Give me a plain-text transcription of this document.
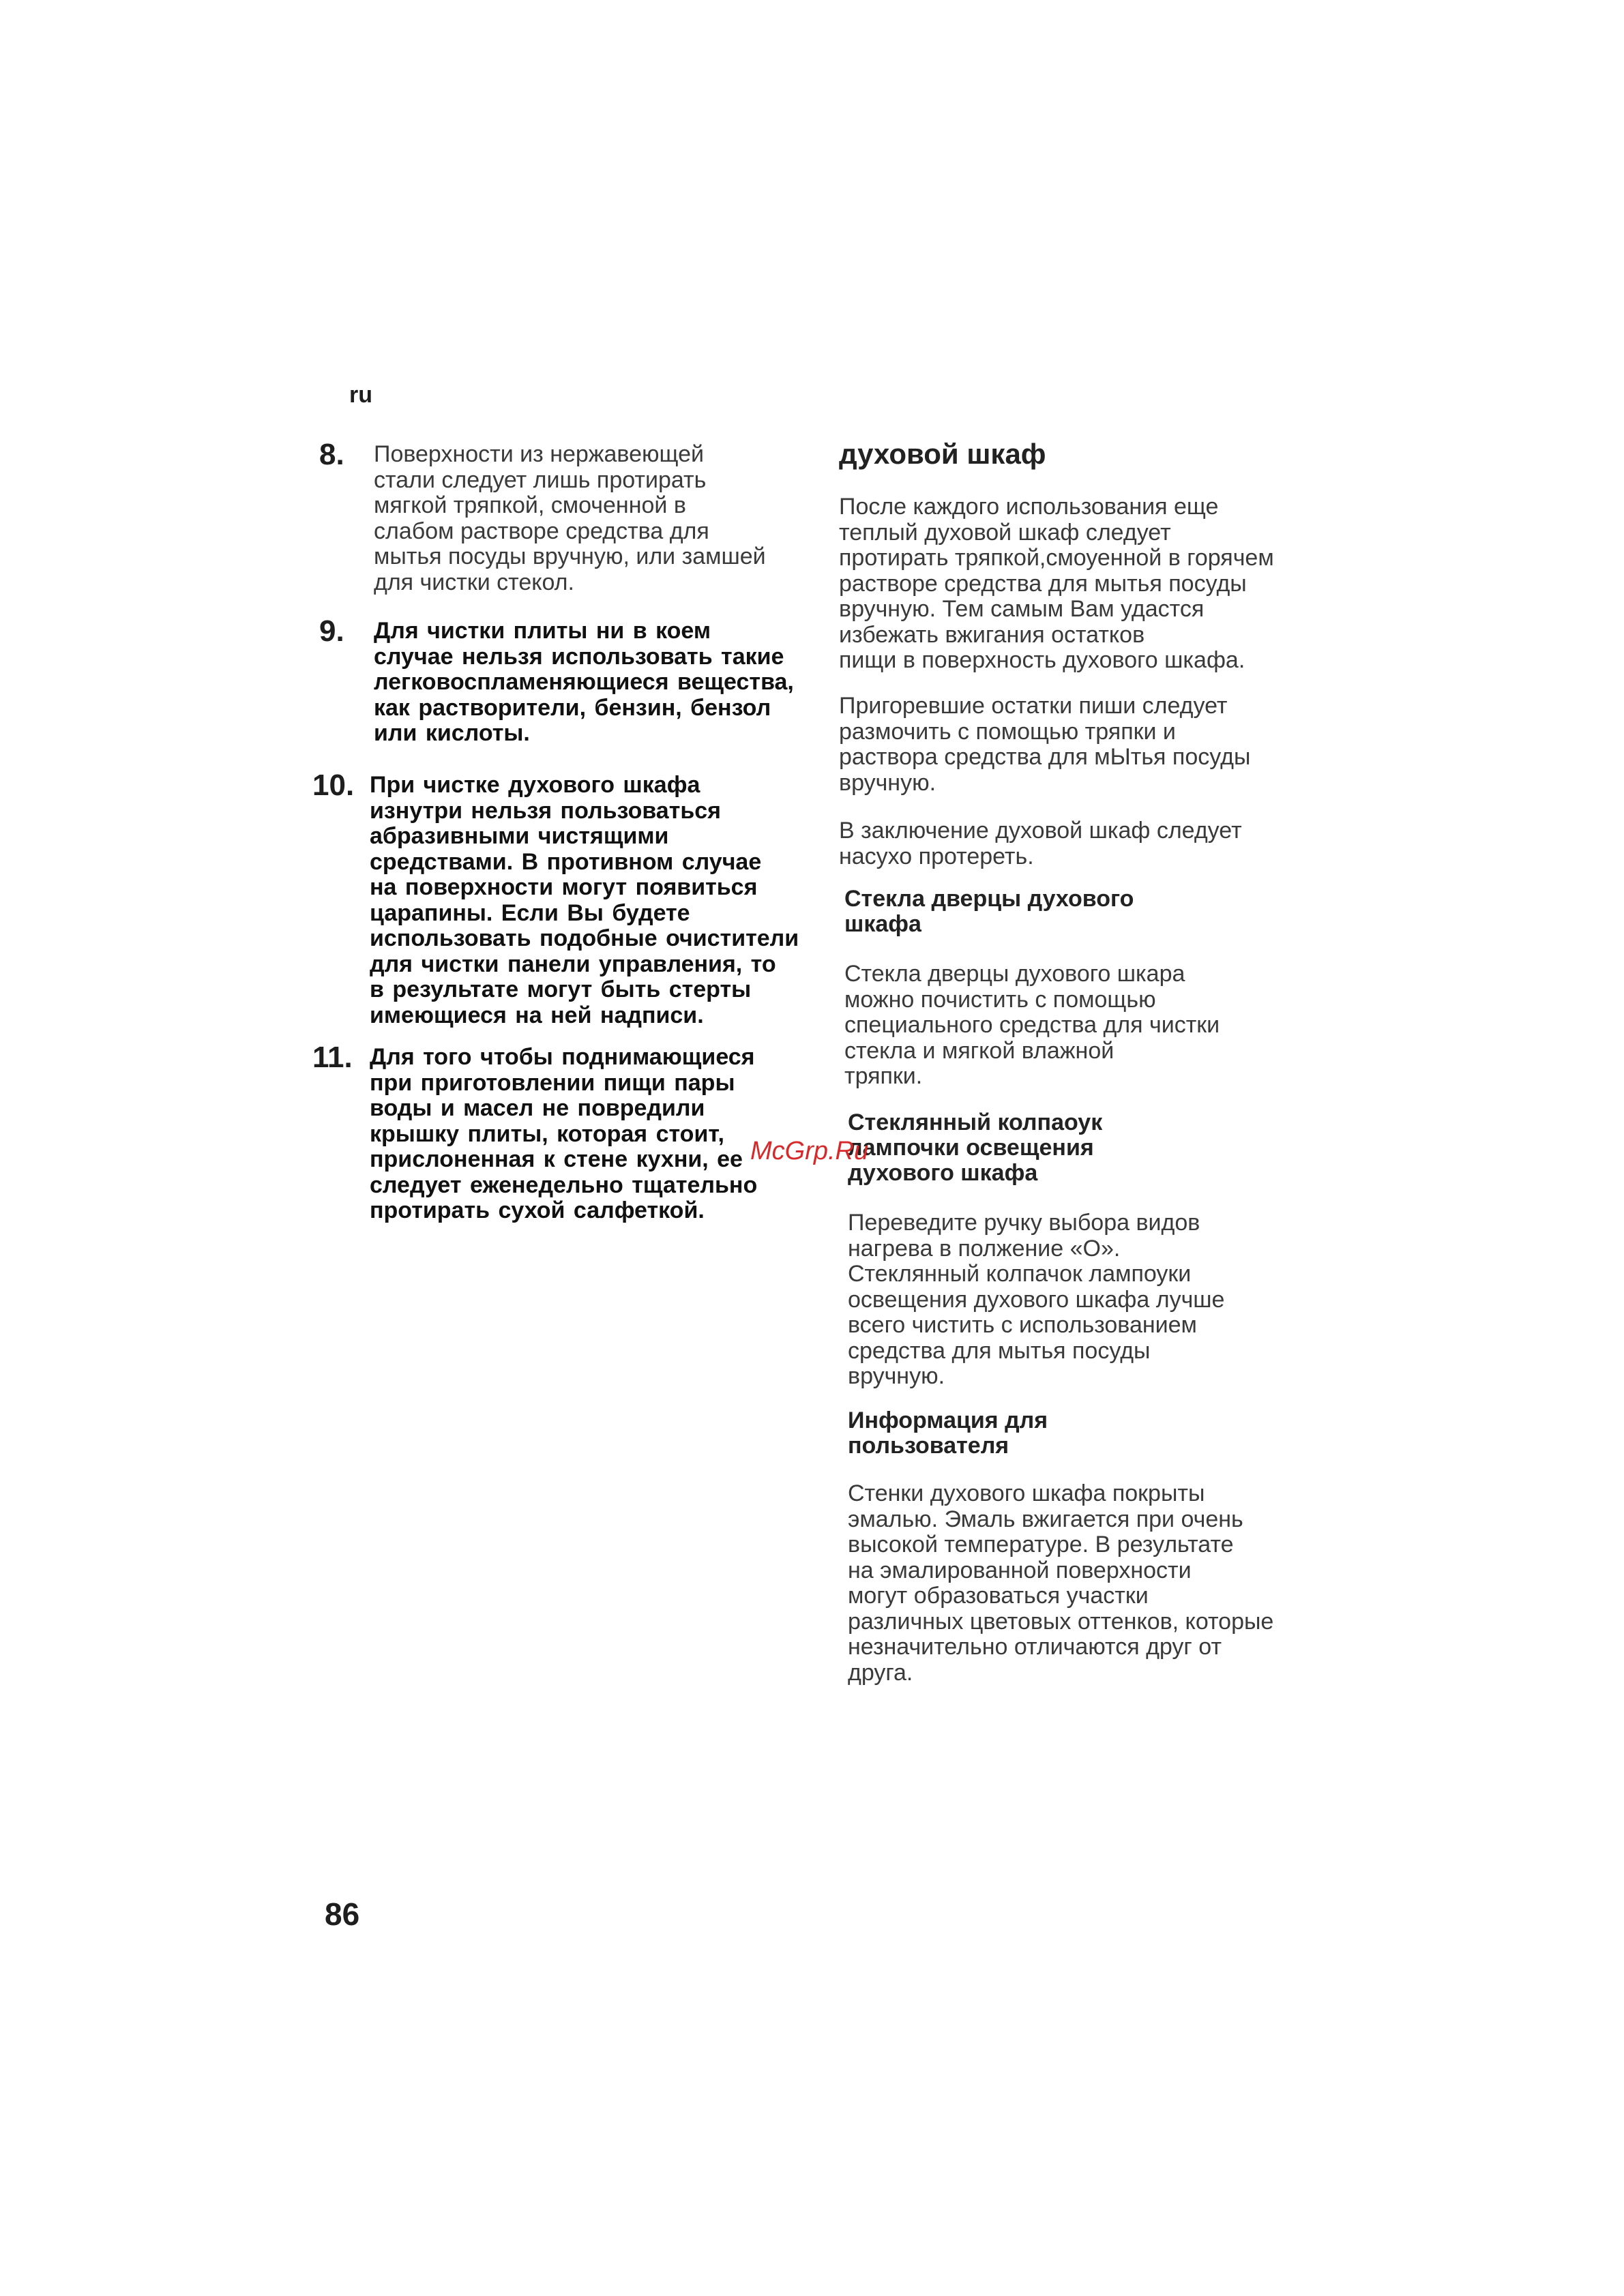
ru
8. Поверхности из нержавеющей
стали следует лишь протирать
мягкой тряпкой, смоченной в
слабом растворе средства для
мытья посуды вручную, или замшей
для чистки стекол.
9. Для чистки плиты ни в коем
случае нельзя использовать такие
легковоспламеняющиеся вещества,
как растворители, бензин, бензол
или кислоты.
10. При чистке духового шкафа
изнутри нельзя пользоваться
абразивными чистящими
средствами. В противном случае
на поверхности могут появиться
царапины. Если Вы будете
использовать подобные очистители
для чистки панели управления, то
в результате могут быть стерты
имеющиеся на ней надписи.
11. Для того чтобы поднимающиеся
при приготовлении пищи пары
воды и масел не повредили
крышку плиты, которая стоит,
прислоненная к стене кухни, ее
следует еженедельно тщательно
протирать сухой салфеткой.
духовой шкаф
После каждого использования еще
теплый духовой шкаф следует
протирать тряпкой,смоуенной в горячем
растворе средства для мытья посуды
вручную. Тем самым Вам удастся
избежать вжигания остатков
пищи в поверхность духового шкафа.
Пригоревшие остатки пиши следует
размочить с помощью тряпки и
раствора средства для мЫтья посуды
вручную.
В заключение духовой шкаф следует
насухо протереть.
Стекла дверцы духового
шкафа
Стекла дверцы духового шкара
можно почистить с помощью
специального средства для чистки
стекла и мягкой влажной
тряпки.
Стеклянный колпаоук
лампочки освещения
духового шкафа
Переведите ручку выбора видов
нагрева в полжение «О».
Стеклянный колпачок лампоуки
освещения духового шкафа лучше
всего чистить с использованием
средства для мытья посуды
вручную.
Информация для
пользователя
Стенки духового шкафа покрыты
эмалью. Эмаль вжигается при очень
высокой температуре. В результате
на эмалированной поверхности
могут образоваться участки
различных цветовых оттенков, которые
незначительно отличаются друг от
друга.
McGrp.Ru
86
